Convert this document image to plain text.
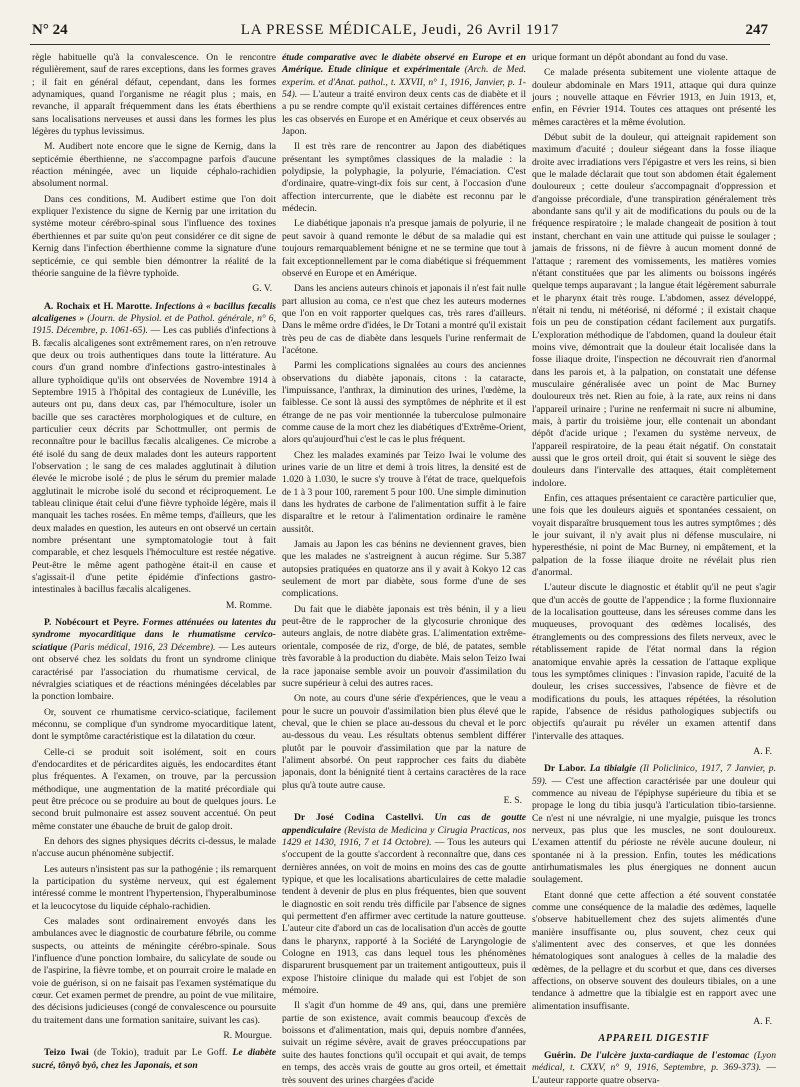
N° 24	LA PRESSE MÉDICALE, Jeudi, 26 Avril 1917	247

règle habituelle qu'à la convalescence. On le rencontre régulièrement, sauf de rares exceptions, dans les formes graves ; il fait en général défaut, cependant, dans les formes adynamiques, quand l'organisme ne réagit plus ; mais, en revanche, il apparaît fréquemment dans les états éberthiens sans localisations nerveuses et aussi dans les formes les plus légères du typhus levissimus.

M. Audibert note encore que le signe de Kernig, dans la septicémie éberthienne, ne s'accompagne parfois d'aucune réaction méningée, avec un liquide céphalo-rachidien absolument normal.

Dans ces conditions, M. Audibert estime que l'on doit expliquer l'existence du signe de Kernig par une irritation du système moteur cérébro-spinal sous l'influence des toxines éberthiennes et par suite qu'on peut considérer ce dit signe de Kernig dans l'infection éberthienne comme la signature d'une septicémie, ce qui semble bien démontrer la réalité de la théorie sanguine de la fièvre typhoïde.

G. V.

A. Rochaix et H. Marotte. Infections à « bacillus fæcalis alcaligenes » (Journ. de Physiol. et de Pathol. générale, n° 6, 1915. Décembre, p. 1061-65). — Les cas publiés d'infections à B. fæcalis alcaligenes sont extrêmement rares, on n'en retrouve que deux ou trois authentiques dans toute la littérature. Au cours d'un grand nombre d'infections gastro-intestinales à allure typhoïdique qu'ils ont observées de Novembre 1914 à Septembre 1915 à l'hôpital des contagieux de Lunéville, les auteurs ont pu, dans deux cas, par l'hémoculture, isoler un bacille que ses caractères morphologiques et de culture, en particulier ceux décrits par Schottmuller, ont permis de reconnaître pour le bacillus fæcalis alcaligenes. Ce microbe a été isolé du sang de deux malades dont les auteurs rapportent l'observation ; le sang de ces malades agglutinait à dilution élevée le microbe isolé ; de plus le sérum du premier malade agglutinait le microbe isolé du second et réciproquement. Le tableau clinique était celui d'une fièvre typhoïde légère, mais il manquait les taches rosées. En même temps, d'ailleurs, que les deux malades en question, les auteurs en ont observé un certain nombre présentant une symptomatologie tout à fait comparable, et chez lesquels l'hémoculture est restée négative. Peut-être le même agent pathogène était-il en cause et s'agissait-il d'une petite épidémie d'infections gastro-intestinales à bacillus fæcalis alcaligenes.

M. Romme.

P. Nobécourt et Peyre. Formes atténuées ou latentes du syndrome myocarditique dans le rhumatisme cervico-sciatique (Paris médical, 1916, 23 Décembre). — Les auteurs ont observé chez les soldats du front un syndrome clinique caractérisé par l'association du rhumatisme cervical, de névralgies sciatiques et de réactions méningées décelables par la ponction lombaire.

Or, souvent ce rhumatisme cervico-sciatique, facilement méconnu, se complique d'un syndrome myocarditique latent, dont le symptôme caractéristique est la dilatation du cœur.

Celle-ci se produit soit isolément, soit en cours d'endocardites et de péricardites aiguës, les endocardites étant plus fréquentes. A l'examen, on trouve, par la percussion méthodique, une augmentation de la matité précordiale qui peut être précoce ou se produire au bout de quelques jours. Le second bruit pulmonaire est assez souvent accentué. On peut même constater une ébauche de bruit de galop droit.

En dehors des signes physiques décrits ci-dessus, le malade n'accuse aucun phénomène subjectif.

Les auteurs n'insistent pas sur la pathogénie ; ils remarquent la participation du système nerveux, qui est également intéressé comme le montrent l'hypertension, l'hyperalbuminose et la leucocytose du liquide céphalo-rachidien.

Ces malades sont ordinairement envoyés dans les ambulances avec le diagnostic de courbature fébrile, ou comme suspects, ou atteints de méningite cérébro-spinale. Sous l'influence d'une ponction lombaire, du salicylate de soude ou de l'aspirine, la fièvre tombe, et on pourrait croire le malade en voie de guérison, si on ne faisait pas l'examen systématique du cœur. Cet examen permet de prendre, au point de vue militaire, des décisions judicieuses (congé de convalescence ou poursuite du traitement dans une formation sanitaire, suivant les cas).

R. Mourgue.

Teizo Iwai (de Tokio), traduit par Le Goff. Le diabète sucré, tônyô byô, chez les Japonais, et son

étude comparative avec le diabète observé en Europe et en Amérique. Etude clinique et expérimentale (Arch. de Med. experim. et d'Anat. pathol., t. XXVII, n° 1, 1916, Janvier, p. 1-54). — L'auteur a traité environ deux cents cas de diabète et il a pu se rendre compte qu'il existait certaines différences entre les cas observés en Europe et en Amérique et ceux observés au Japon.

Il est très rare de rencontrer au Japon des diabétiques présentant les symptômes classiques de la maladie : la polydipsie, la polyphagie, la polyurie, l'émaciation. C'est d'ordinaire, quatre-vingt-dix fois sur cent, à l'occasion d'une affection intercurrente, que le diabète est reconnu par le médecin.

Le diabétique japonais n'a presque jamais de polyurie, il ne peut savoir à quand remonte le début de sa maladie qui est toujours remarquablement bénigne et ne se termine que tout à fait exceptionnellement par le coma diabétique si fréquemment observé en Europe et en Amérique.

Dans les anciens auteurs chinois et japonais il n'est fait nulle part allusion au coma, ce n'est que chez les auteurs modernes que l'on en voit rapporter quelques cas, très rares d'ailleurs. Dans le même ordre d'idées, le Dr Totani a montré qu'il existait très peu de cas de diabète dans lesquels l'urine renfermait de l'acétone.

Parmi les complications signalées au cours des anciennes observations du diabète japonais, citons : la cataracte, l'impuissance, l'anthrax, la diminution des urines, l'œdème, la faiblesse. Ce sont là aussi des symptômes de néphrite et il est étrange de ne pas voir mentionnée la tuberculose pulmonaire comme cause de la mort chez les diabétiques d'Extrême-Orient, alors qu'aujourd'hui c'est le cas le plus fréquent.

Chez les malades examinés par Teizo Iwai le volume des urines varie de un litre et demi à trois litres, la densité est de 1.020 à 1.030, le sucre s'y trouve à l'état de trace, quelquefois de 1 à 3 pour 100, rarement 5 pour 100. Une simple diminution dans les hydrates de carbone de l'alimentation suffit à le faire disparaître et le retour à l'alimentation ordinaire le ramène aussitôt.

Jamais au Japon les cas bénins ne deviennent graves, bien que les malades ne s'astreignent à aucun régime. Sur 5.387 autopsies pratiquées en quatorze ans il y avait à Kokyo 12 cas seulement de mort par diabète, sous forme d'une de ses complications.

Du fait que le diabète japonais est très bénin, il y a lieu peut-être de le rapprocher de la glycosurie chronique des auteurs anglais, de notre diabète gras. L'alimentation extrême-orientale, composée de riz, d'orge, de blé, de patates, semble très favorable à la production du diabète. Mais selon Teizo Iwai la race japonaise semble avoir un pouvoir d'assimilation du sucre supérieur à celui des autres races.

On note, au cours d'une série d'expériences, que le veau a pour le sucre un pouvoir d'assimilation bien plus élevé que le cheval, que le chien se place au-dessous du cheval et le porc au-dessous du veau. Les résultats obtenus semblent différer plutôt par le pouvoir d'assimilation que par la nature de l'aliment absorbé. On peut rapprocher ces faits du diabète japonais, dont la bénignité tient à certains caractères de la race plus qu'à toute autre cause.

E. S.

Dr José Codina Castellvi. Un cas de goutte appendiculaire (Revista de Medicina y Cirugia Practicas, nos 1429 et 1430, 1916, 7 et 14 Octobre). — Tous les auteurs qui s'occupent de la goutte s'accordent à reconnaître que, dans ces dernières années, on voit de moins en moins des cas de goutte typique, et que les localisations abarticulaires de cette maladie tendent à devenir de plus en plus fréquentes, bien que souvent le diagnostic en soit rendu très difficile par l'absence de signes qui permettent d'en affirmer avec certitude la nature goutteuse. L'auteur cite d'abord un cas de localisation d'un accès de goutte dans le pharynx, rapporté à la Société de Laryngologie de Cologne en 1913, cas dans lequel tous les phénomènes disparurent brusquement par un traitement antigoutteux, puis il expose l'histoire clinique du malade qui est l'objet de son mémoire.

Il s'agit d'un homme de 49 ans, qui, dans une première partie de son existence, avait commis beaucoup d'excès de boissons et d'alimentation, mais qui, depuis nombre d'années, suivait un régime sévère, avait de graves préoccupations par suite des hautes fonctions qu'il occupait et qui avait, de temps en temps, des accès vrais de goutte au gros orteil, et émettait très souvent des urines chargées d'acide

urique formant un dépôt abondant au fond du vase.

Ce malade présenta subitement une violente attaque de douleur abdominale en Mars 1911, attaque qui dura quinze jours ; nouvelle attaque en Février 1913, en Juin 1913, et, enfin, en Février 1914. Toutes ces attaques ont présenté les mêmes caractères et la même évolution.

Début subit de la douleur, qui atteignait rapidement son maximum d'acuité ; douleur siégeant dans la fosse iliaque droite avec irradiations vers l'épigastre et vers les reins, si bien que le malade déclarait que tout son abdomen était également douloureux ; cette douleur s'accompagnait d'oppression et d'angoisse précordiale, d'une transpiration généralement très abondante sans qu'il y ait de modifications du pouls ou de la fréquence respiratoire ; le malade changeait de position à tout instant, cherchant en vain une attitude qui puisse le soulager ; jamais de frissons, ni de fièvre à aucun moment donné de l'attaque ; rarement des vomissements, les matières vomies n'étant constituées que par les aliments ou boissons ingérés quelque temps auparavant ; la langue était légèrement saburrale et le pharynx était très rouge. L'abdomen, assez développé, n'était ni tendu, ni météorisé, ni déformé ; il existait chaque fois un peu de constipation cédant facilement aux purgatifs. L'exploration méthodique de l'abdomen, quand la douleur était moins vive, démontrait que la douleur était localisée dans la fosse iliaque droite, l'inspection ne découvrait rien d'anormal dans les parois et, à la palpation, on constatait une défense musculaire généralisée avec un point de Mac Burney douloureux très net. Rien au foie, à la rate, aux reins ni dans l'appareil urinaire ; l'urine ne renfermait ni sucre ni albumine, mais, à partir du troisième jour, elle contenait un abondant dépôt d'acide urique ; l'examen du système nerveux, de l'appareil respiratoire, de la peau était négatif. On constatait aussi que le gros orteil droit, qui était si souvent le siège des douleurs dans l'intervalle des attaques, était complètement indolore.

Enfin, ces attaques présentaient ce caractère particulier que, une fois que les douleurs aiguës et spontanées cessaient, on voyait disparaître brusquement tous les autres symptômes ; dès le jour suivant, il n'y avait plus ni défense musculaire, ni hyperesthésie, ni point de Mac Burney, ni empâtement, et la palpation de la fosse iliaque droite ne révélait plus rien d'anormal.

L'auteur discute le diagnostic et établit qu'il ne peut s'agir que d'un accès de goutte de l'appendice ; la forme fluxionnaire de la localisation goutteuse, dans les séreuses comme dans les muqueuses, provoquant des œdèmes localisés, des étranglements ou des compressions des filets nerveux, avec le rétablissement rapide de l'état normal dans la région anatomique envahie après la cessation de l'attaque explique tous les symptômes cliniques : l'invasion rapide, l'acuité de la douleur, les crises successives, l'absence de fièvre et de modifications du pouls, les attaques répétées, la résolution rapide, l'absence de résidus pathologiques subjectifs ou objectifs qu'aurait pu révéler un examen attentif dans l'intervalle des attaques.

A. F.

Dr Labor. La tibialgie (Il Policlinico, 1917, 7 Janvier, p. 59). — C'est une affection caractérisée par une douleur qui commence au niveau de l'épiphyse supérieure du tibia et se propage le long du tibia jusqu'à l'articulation tibio-tarsienne. Ce n'est ni une névralgie, ni une myalgie, puisque les troncs nerveux, pas plus que les muscles, ne sont douloureux. L'examen attentif du périoste ne révèle aucune douleur, ni spontanée ni à la pression. Enfin, toutes les médications antirhumatismales les plus énergiques ne donnent aucun soulagement.

Etant donné que cette affection a été souvent constatée comme une conséquence de la maladie des œdèmes, laquelle s'observe habituellement chez des sujets alimentés d'une manière insuffisante ou, plus souvent, chez ceux qui s'alimentent avec des conserves, et que les données hématologiques sont analogues à celles de la maladie des œdèmes, de la pellagre et du scorbut et que, dans ces diverses affections, on observe souvent des douleurs tibiales, on a une tendance à admettre que la tibialgie est en rapport avec une alimentation insuffisante.

A. F.
APPAREIL DIGESTIF

Guérin. De l'ulcère juxta-cardiaque de l'estomac (Lyon médical, t. CXXV, n° 9, 1916, Septembre, p. 369-373). — L'auteur rapporte quatre observa-
